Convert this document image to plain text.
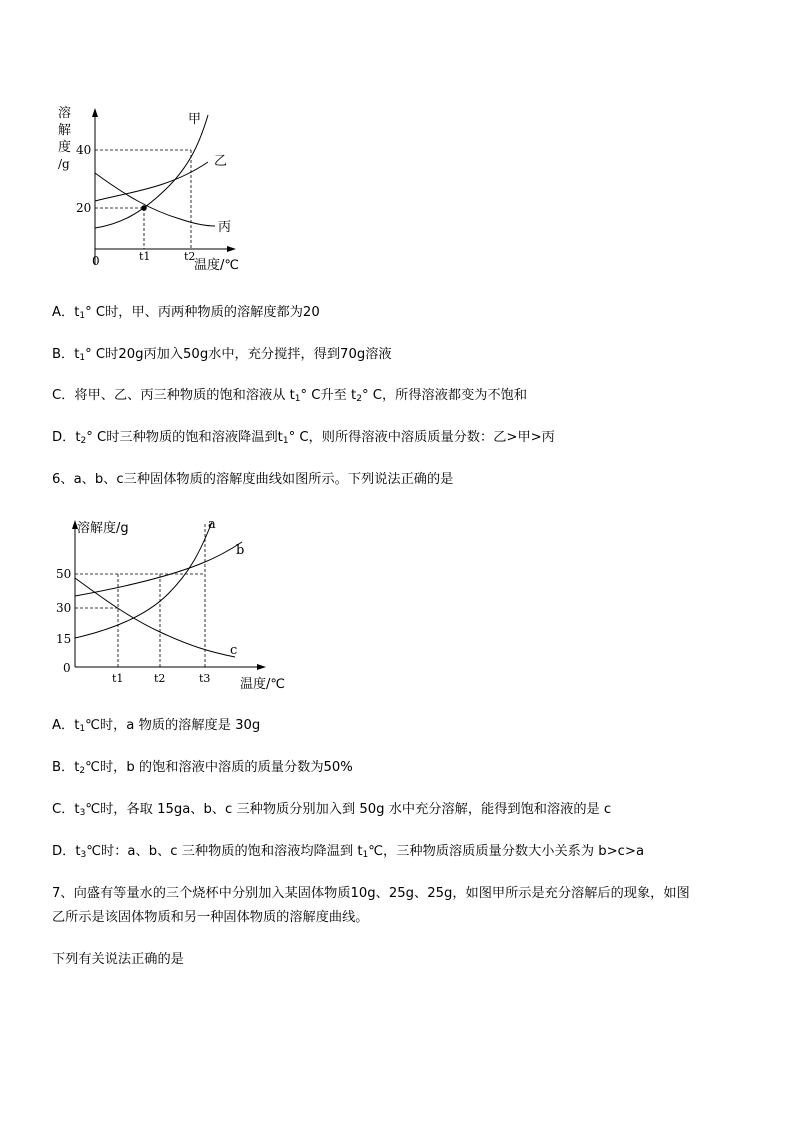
溶
解
度
/g
40
20
0	t1	t2
温度/℃
甲
乙
丙
A．$t_1^\circ$ C时，甲、丙两种物质的溶解度都为20
B．$t_1^\circ$ C时20g丙加入50g水中，充分搅拌，得到70g溶液
C．将甲、乙、丙三种物质的饱和溶液从 $t_1^\circ$ C升至 $t_2^\circ$ C，所得溶液都变为不饱和
D．$t_2^\circ$ C时三种物质的饱和溶液降温到$t_1^\circ$ C，则所得溶液中溶质质量分数：乙>甲>丙
6、a、b、c三种固体物质的溶解度曲线如图所示。下列说法正确的是
溶解度/g
50
30
15
0
t1	t2	t3 温度/℃
a
b
c
A．$t_1℃$时，a 物质的溶解度是 30g
B．$t_2℃$时，b 的饱和溶液中溶质的质量分数为50%
C．$t_3℃$时，各取 15ga、b、c 三种物质分别加入到 50g 水中充分溶解，能得到饱和溶液的是 c
D．$t_3℃$时：a、b、c 三种物质的饱和溶液均降温到 $t_1℃$，三种物质溶质质量分数大小关系为 b>c>a
7、向盛有等量水的三个烧杯中分别加入某固体物质10g、25g、25g，如图甲所示是充分溶解后的现象，如图
乙所示是该固体物质和另一种固体物质的溶解度曲线。
下列有关说法正确的是
